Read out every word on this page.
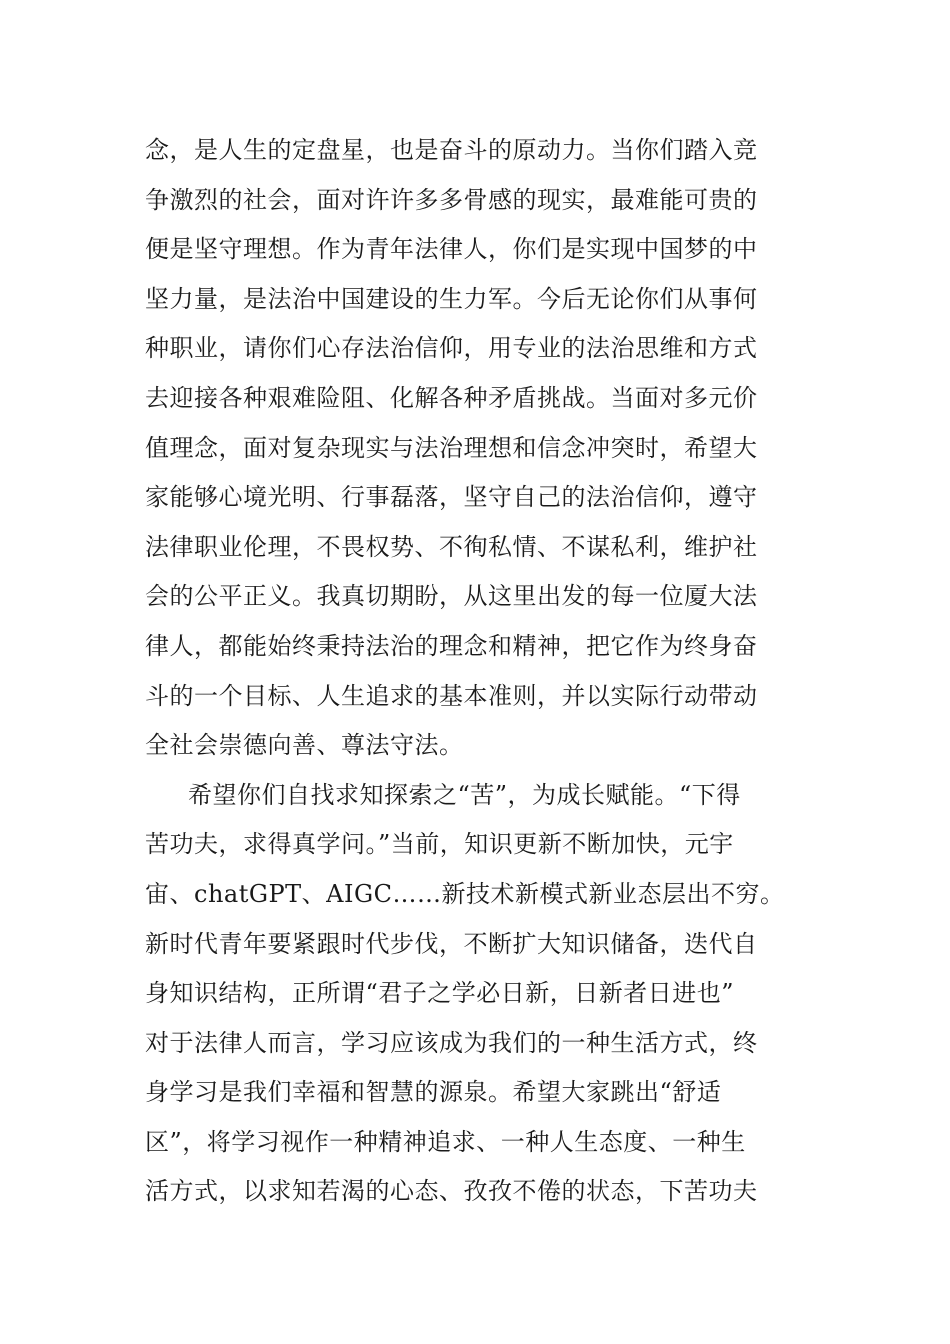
念，是人生的定盘星，也是奋斗的原动力。当你们踏入竞
争激烈的社会，面对许许多多骨感的现实，最难能可贵的
便是坚守理想。作为青年法律人，你们是实现中国梦的中
坚力量，是法治中国建设的生力军。今后无论你们从事何
种职业，请你们心存法治信仰，用专业的法治思维和方式
去迎接各种艰难险阻、化解各种矛盾挑战。当面对多元价
值理念，面对复杂现实与法治理想和信念冲突时，希望大
家能够心境光明、行事磊落，坚守自己的法治信仰，遵守
法律职业伦理，不畏权势、不徇私情、不谋私利，维护社
会的公平正义。我真切期盼，从这里出发的每一位厦大法
律人，都能始终秉持法治的理念和精神，把它作为终身奋
斗的一个目标、人生追求的基本准则，并以实际行动带动
全社会崇德向善、尊法守法。
希望你们自找求知探索之“苦”，为成长赋能。“下得
苦功夫，求得真学问。”当前，知识更新不断加快，元宇
宙、chatGPT、AIGC……新技术新模式新业态层出不穷。
新时代青年要紧跟时代步伐，不断扩大知识储备，迭代自
身知识结构，正所谓“君子之学必日新，日新者日进也”
对于法律人而言，学习应该成为我们的一种生活方式，终
身学习是我们幸福和智慧的源泉。希望大家跳出“舒适
区”，将学习视作一种精神追求、一种人生态度、一种生
活方式，以求知若渴的心态、孜孜不倦的状态，下苦功夫
